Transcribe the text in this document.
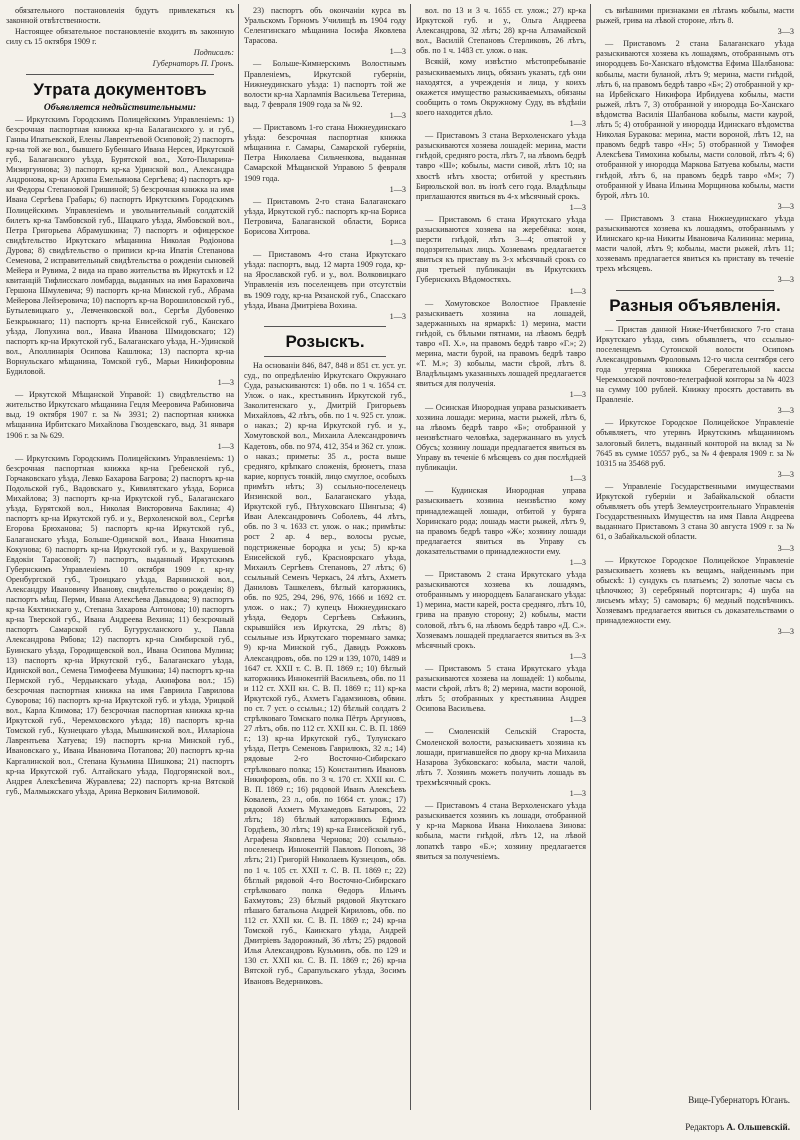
обязательного постановленія будутъ привлекаться къ законной отвѣтственности.

Настоящее обязательное постановленіе входитъ въ законную силу съ 15 октября 1909 г.

Подписалъ:

Губернаторъ П. Гронъ.

Утрата документовъ
Объявляется недѣйствительными:

— Иркутскимъ Городскимъ Полицейскимъ Управленіемъ: 1) безсрочная паспортная книжка кр-на Балаганского у. и губ., Ганны Ипатьевской, Елены Лаврентьевой Осиповой; 2) паспортъ кр-на той же вол., бывшего Бубеннаго Ивана Нерсея, Иркутской губ., Балаганского уѣзда, Бурятской вол., Хото-Пиларина-Мизиргуинова; 3) паспортъ кр-ка Удинской вол., Александра Андронова, кр-ки Архипа Емельянова Сергѣева; 4) паспортъ кр-ки Федоры Степановой Гришиной; 5) безсрочная книжка на имя Ивана Сергѣева Грабарь; 6) паспортъ Иркутскимъ Городскимъ Полицейскимъ Управленіемъ и увольнительный солдатскій билетъ кр-ка Тамбовской губ., Шацкаго уѣзда, Ямбовской вол., Петра Григорьева Абрамушкина; 7) паспортъ и офицерское свидѣтельство Иркутскаго мѣщанина Николая Родіонова Дурова; 8) свидѣтельство о приписи кр-на Ипатія Степанова Семенова, 2 исправительный свидѣтельства о рожденіи сыновей Мейера и Рувима, 2 вида на право жительства въ Иркутскѣ и 12 квитанцій Тифлисскаго ломбарда, выданных на имя Бараховича Гершона Шмулевича; 9) паспортъ кр-на Минской губ., Абрама Мейерова Лейзеровича; 10) паспортъ кр-на Ворошиловской губ., Бутылевицкаго у., Левченковской вол., Сергѣя Дубовенко Безкрыжнаго; 11) паспортъ кр-на Енисейской губ., Канскаго уѣзда, Лопухина вол., Ивана Иванова Шмидовскаго; 12) паспортъ кр-на Иркутской губ., Балаганскаго уѣзда, Н.-Удинской вол., Аполлинарія Осипова Кашлюка; 13) паспорта кр-на Ворнульскаго мѣщанина, Томской губ., Марьи Никифоровны Будиловой.

1—3

— Иркутской Мѣщанской Управой: 1) свидѣтельство на жительство Иркутскаго мѣщанина Гецля Мееровича Рабиновича выд. 19 октября 1907 г. за № 3931; 2) паспортная книжка мѣщанина Ирбитскаго Михайлова Гвоздевскаго, выд. 31 января 1906 г. за № 629.

1—3

— Иркутскимъ Городскимъ Полицейскимъ Управленіемъ: 1) безсрочная паспортная книжка кр-на Гребенской губ., Горчаковскаго уѣзда, Левко Бахарова Багрова; 2) паспортъ кр-на Подольской губ., Вадовскаго у., Кивилятскаго уѣзда, Бориса Михайлова; 3) паспортъ кр-на Иркутской губ., Балаганскаго уѣзда, Бурятской вол., Николая Викторовича Баклина; 4) паспортъ кр-на Иркутской губ. и у., Верхоленской вол., Сергѣя Егорова Брюханова; 5) паспортъ кр-на Иркутской губ., Балаганскаго уѣзда, Больше-Одинской вол., Ивана Никитина Кокунова; 6) паспортъ кр-на Иркутской губ. и у., Вахрушевой Евдокіи Тарасовой; 7) паспортъ, выданный Иркутскимъ Губернскимъ Управленіемъ 10 октября 1909 г. кр-ну Оренбургской губ., Троицкаго уѣзда, Варнинской вол., Александру Ивановичу Иванову, свидѣтельство о рожденіи; 8) паспортъ мѣщ. Перми, Ивана Алексѣева Давыдова; 9) паспортъ кр-на Кяхтинскаго у., Степана Захарова Антонова; 10) паспортъ кр-на Тверской губ., Ивана Андреева Вехина; 11) безсрочный паспортъ Самарской губ. Бугурусланского у., Павла Александрова Рябова; 12) паспортъ кр-на Симбирской губ., Буинскаго уѣзда, Городищевской вол., Ивана Осипова Мулина; 13) паспортъ кр-на Иркутской губ., Балаганскаго уѣзда, Идинской вол., Семена Тимофеева Мушкина; 14) паспортъ кр-на Пермской губ., Чердынскаго уѣзда, Акинфова вол.; 15) безсрочная паспортная книжка на имя Гавриила Гаврилова Суворова; 16) паспортъ кр-на Иркутской губ. и уѣзда, Урицкой вол., Карла Климова; 17) безсрочная паспортная книжка кр-на Иркутской губ., Черемховского уѣзда; 18) паспортъ кр-на Томской губ., Кузнецкаго уѣзда, Мышкинской вол., Илларіона Лаврентьева Хатуева; 19) паспортъ кр-на Минской губ., Ивановскаго у., Ивана Ивановича Потапова; 20) паспортъ кр-на Каргалинской вол., Степана Кузьмина Шишкова; 21) паспортъ кр-на Иркутской губ. Алтайскаго уѣзда, Подгорянской вол., Андрея Алексѣевича Журавлева; 22) паспортъ кр-на Вятской губ., Малмыжскаго уѣзда, Арина Веркович Билимовой.

23) паспортъ объ окончаніи курса въ Уральскомъ Горномъ Училищѣ въ 1904 году Селенгинскаго мѣщанина Іосифа Яковлева Тарасова.

1—3

— Больше-Кимнерскимъ Волостнымъ Правленіемъ, Иркутской губерніи, Нижнеудинскаго уѣзда: 1) паспортъ той же волости кр-на Харлампія Васильева Тетерина, выд. 7 февраля 1909 года за № 92.

1—3

— Приставомъ 1-го стана Нижнеудинскаго уѣзда: безсрочная паспортная книжка мѣщанина г. Самары, Самарской губерніи, Петра Николаева Сильченкова, выданная Самарской Мѣщанской Управою 5 февраля 1909 года.

1—3

— Приставомъ 2-го стана Балаганскаго уѣзда, Иркутской губ.: паспортъ кр-на Бориса Петровича, Балаганской области, Бориса Борисова Хитрова.

1—3

— Приставомъ 4-го стана Иркутскаго уѣзда: паспортъ, выд. 12 марта 1909 года, кр-на Ярославской губ. и у., вол. Волковицкаго Управленія изъ поселенцевъ при отсутствіи въ 1909 году, кр-на Рязанской губ., Спасскаго уѣзда, Ивана Дмитріева Вохина.

1—3

Розыскъ.

На основаніи 846, 847, 848 и 851 ст. уст. уг. суд., по опредѣленію Иркутскаго Окружнаго Суда, разыскиваются: 1) обв. по 1 ч. 1654 ст. Улож. о нак., крестьянинъ Иркутской губ., Заколитенскаго у., Дмитрій Григорьевъ Михайловъ, 42 лѣтъ, обв. по 1 ч. 925 ст. улож. о наказ.; 2) кр-на Иркутской губ. и у., Хомутовской вол., Михаила Александровичъ Кадетовъ, обв. по 974, 412, 354 и 362 ст. улож. о наказ.; приметы: 35 л., роста выше средняго, крѣпкаго сложенія, брюнетъ, глаза карие, корпусъ тонкій, лицо смуглое, особыхъ примѣтъ нѣтъ; 3) ссыльно-поселенецъ Инзинской вол., Балаганскаго уѣзда, Иркутской губ., Пѣтуховскаго Шингыза; 4) Иван Александровичъ Соболевъ, 44 лѣтъ, обв. по 3 ч. 1633 ст. улож. о нак.; примѣты: рост 2 ар. 4 вер., волосы русые, подстриженые бородка и усы; 5) кр-ка Енисейской губ., Красноярскаго уѣзда, Михаилъ Сергѣевъ Степановъ, 27 лѣтъ; 6) ссыльный Семенъ Черкасъ, 24 лѣтъ, Ахметъ Даниловъ Ташкелевъ, бѣглый каторжникъ, обв. по 925, 294, 296, 976, 1666 и 1692 ст. улож. о нак.; 7) купецъ Нижнеудинскаго уѣзда, Ѳедоръ Сергѣевъ Свѣжинъ, скрывшійся изъ Иркутска, 29 лѣтъ; 8) ссыльные изъ Иркутскаго тюремнаго замка; 9) кр-на Минской губ., Давидъ Рожковъ Александровъ, обв. по 129 и 139, 1070, 1489 и 1647 ст. XXII т. С. В. П. 1869 г.; 10) бѣглый каторжникъ Иннокентій Васильевъ, обв. по 11 и 112 ст. XXII кн. С. В. П. 1869 г.; 11) кр-ка Иркутской губ., Ахметъ Гадамзиновъ, обвин. по ст. 7 уст. о ссыльн.; 12) бѣглый солдатъ 2 стрѣлковаго Томскаго полка Пётръ Аргуновъ, 27 лѣтъ, обв. по 112 ст. XXII кн. С. В. П. 1869 г.; 13) кр-на Иркутской губ., Тулунскаго уѣзда, Петръ Семеновъ Гаврилюкъ, 32 л.; 14) рядовые 2-го Восточно-Сибирскаго стрѣлковаго полка; 15) Константинъ Ивановъ Никифоровъ, обв. по 3 ч. 170 ст. XXII кн. С. В. П. 1869 г.; 16) рядовой Иванъ Алексѣевъ Ковалевъ, 23 л., обв. по 1664 ст. улож.; 17) рядовой Ахметъ Мухамедовъ Батыровъ, 22 лѣтъ; 18) бѣглый каторжникъ Ефимъ Гордѣевъ, 30 лѣтъ; 19) кр-ка Енисейской губ., Аграфена Яковлева Чернова; 20) ссыльно-поселенецъ Иннокентій Павловъ Поповъ, 38 лѣтъ; 21) Григорій Николаевъ Кузнецовъ, обв. по 1 ч. 105 ст. XXII т. С. В. П. 1869 г.; 22) бѣглый рядовой 4-го Восточно-Сибирскаго стрѣлковаго полка Ѳедоръ Ильичъ Бахмутовъ; 23) бѣглый рядовой Якутскаго пѣшаго батальона Андрей Кириловъ, обв. по 112 ст. XXII кн. С. В. П. 1869 г.; 24) кр-на Томской губ., Каинскаго уѣзда, Андрей Дмитріевъ Задорожный, 36 лѣтъ; 25) рядовой Илья Александровъ Кузьминъ, обв. по 129 и 130 ст. XXII кн. С. В. П. 1869 г.; 26) кр-на Вятской губ., Сарапульскаго уѣзда, Зосимъ Ивановъ Ведерниковъ.

вол. по 13 и 3 ч. 1655 ст. улож.; 27) кр-ка Иркутской губ. и у., Ольга Андреева Александрова, 32 лѣтъ; 28) кр-на Алзамайской вол., Василій Степановъ Стерликовъ, 26 лѣтъ, обв. по 1 ч. 1483 ст. улож. о нак.

Всякій, кому извѣстно мѣстопребываніе разыскиваемыхъ лицъ, обязанъ указать, гдѣ они находятся, а учрежденія и лица, у коихъ окажется имущество разыскиваемыхъ, обязаны сообщить о томъ Окружному Суду, въ вѣдѣніи коего находится дѣло.

1—3

— Приставомъ 3 стана Верхоленскаго уѣзда разыскиваются хозяева лошадей: мерина, масти гнѣдой, средняго роста, лѣтъ 7, на лѣвомъ бедрѣ тавро «Ш»; кобылы, масти сивой, лѣтъ 10; на хвостѣ нѣтъ хвоста; отбитой у крестьянъ Бирюльской вол. въ іюлѣ сего года. Владѣльцы приглашаются явиться въ 4-х мѣсячный срокъ.

1—3

— Приставомъ 6 стана Иркутскаго уѣзда разыскиваются хозяева на жеребёнка: коня, шерсти гнѣдой, лѣтъ 3—4; отнятой у подозрительных лицъ. Хозяевамъ предлагается явиться къ приставу въ 3-х мѣсячный срокъ со дня третьей публикаціи въ Иркутскихъ Губернскихъ Вѣдомостяхъ.

1—3

— Хомутовское Волостное Правленіе разыскиваетъ хозяина на лошадей, задержанныхъ на ярмаркѣ: 1) мерина, масти гнѣдой, съ бѣлыми пятнами, на лѣвомъ бедрѣ тавро «П. X.», на правомъ бедрѣ тавро «Г.»; 2) мерина, масти бурой, на правомъ бедрѣ тавро «Т. М.»; 3) кобылы, масти сѣрой, лѣтъ 8. Владѣльцамъ указанныхъ лошадей предлагается явиться для полученія.

1—3

— Осинская Инородная управа разыскиваетъ хозяина лошади: мерина, масти рыжей, лѣтъ 6, на лѣвомъ бедрѣ тавро «Б»; отобранной у неизвѣстнаго человѣка, задержаннаго въ улусѣ Обусъ; хозяину лошади предлагается явиться въ Управу въ теченіе 6 мѣсяцевъ со дня послѣдней публикаціи.

1—3

— Кудинская Инородная управа разыскиваетъ хозяина неизвѣстно кому принадлежащей лошади, отбитой у буряга Хоринскаго рода; лошадь масти рыжей, лѣтъ 9, на правомъ бедрѣ тавро «Ж»; хозяину лошади предлагается явиться въ Управу съ доказательствами о принадлежности ему.

1—3

— Приставомъ 2 стана Иркутскаго уѣзда разыскиваются хозяева къ лошадямъ, отобраннымъ у инородцевъ Балаганскаго уѣзда: 1) мерина, масти карей, роста средняго, лѣтъ 10, грива на правую сторону; 2) кобылы, масти соловой, лѣтъ 6, на лѣвомъ бедрѣ тавро «Д. С.». Хозяевамъ лошадей предлагается явиться въ 3-х мѣсячный срокъ.

1—3

— Приставомъ 5 стана Иркутскаго уѣзда разыскиваются хозяева на лошадей: 1) кобылы, масти сѣрой, лѣтъ 8; 2) мерина, масти вороной, лѣтъ 5; отобранных у крестьянина Андрея Осипова Васильева.

1—3

— Смоленскій Сельскій Староста, Смоленской волости, разыскиваетъ хозяина къ лошади, пригнавшейся по двору кр-на Михаила Назарова Зубковскаго: кобыла, масти чалой, лѣтъ 7. Хозяинъ можетъ получить лошадь въ трехмѣсячный срокъ.

1—3

— Приставомъ 4 стана Верхоленскаго уѣзда разыскивается хозяинъ къ лошади, отобранной у кр-на Маркова Ивана Николаева Зинова: кобыла, масти гнѣдой, лѣтъ 12, на лѣвой лопаткѣ тавро «Б.»; хозяину предлагается явиться за полученіемъ.

съ внѣшними признаками ея лѣтамъ кобылы, масти рыжей, грива на лѣвой стороне, лѣтъ 8.

3—3

— Приставомъ 2 стана Балаганскаго уѣзда разыскиваются хозяева къ лошадямъ, отобраннымъ отъ инородцевъ Бо-Ханскаго вѣдомства Ефима Шалбанова: кобылы, масти буланой, лѣтъ 9; мерина, масти гнѣдой, лѣтъ 6, на правомъ бедрѣ тавро «Б»; 2) отобранной у кр-на Ирбейскаго Никифора Ирбидуева кобылы, масти рыжей, лѣтъ 7, 3) отобранной у инородца Бо-Ханскаго вѣдомства Василія Шалбанова кобылы, масти каурой, лѣтъ 5; 4) отобранной у инородца Идинскаго вѣдомства Николая Буракова: мерина, масти вороной, лѣтъ 12, на правомъ бедрѣ тавро «Н»; 5) отобранной у Тимофея Алексѣева Тимохина кобылы, масти соловой, лѣтъ 4; 6) отобранной у инородца Маркова Батуева кобылы, масти гнѣдой, лѣтъ 6, на правомъ бедрѣ тавро «М»; 7) отобранной у Ивана Ильина Морщинова кобылы, масти бурой, лѣтъ 10.

3—3

— Приставомъ 3 стана Нижнеудинскаго уѣзда разыскиваются хозяева къ лошадямъ, отобраннымъ у Илинскаго кр-на Никиты Ивановича Калинина: мерина, масти чалой, лѣтъ 9; кобылы, масти рыжей, лѣтъ 11; хозяевамъ предлагается явиться къ приставу въ теченіе трехъ мѣсяцевъ.

3—3

Разныя объявленія.

— Пристав данной Ниже-Ичетбинского 7-го стана Иркутскаго уѣзда, симъ объявляетъ, что ссыльно-поселенцемъ Сутонской волости Осипомъ Александровымъ Фроловымъ 12-го числа сентября сего года утеряна книжка Сберегательной кассы Черемховской почтово-телеграфной конторы за № 4023 на сумму 100 рублей. Книжку просятъ доставить въ Правленіе.

3—3

— Иркутское Городское Полицейское Управленіе объявляетъ, что утерянъ Иркутскимъ мѣщаниномъ залоговый билетъ, выданный конторой на вклад за № 7645 въ сумме 10557 руб., за № 4 февраля 1909 г. за № 10315 на 35468 руб.

3—3

— Управленіе Государственными имуществами Иркутской губерніи и Забайкальской области объявляетъ объ утерѣ Землеустроительнаго Управленія Государственныхъ Имуществъ на имя Павла Андреева выданнаго Приставомъ 3 стана 30 августа 1909 г. за № 61, о Забайкальской области.

3—3

— Иркутское Городское Полицейское Управленіе разыскиваетъ хозяевъ къ вещамъ, найденнымъ при обыскѣ: 1) сундукъ съ платьемъ; 2) золотые часы съ цѣпочкою; 3) серебряный портсигаръ; 4) шуба на лисьемъ мѣху; 5) самоваръ; 6) медный подсвѣчникъ. Хозяевамъ предлагается явиться съ доказательствами о принадлежности ему.

3—3

Вице-Губернаторъ Юганъ.
Редакторъ А. Ольшевскій.
